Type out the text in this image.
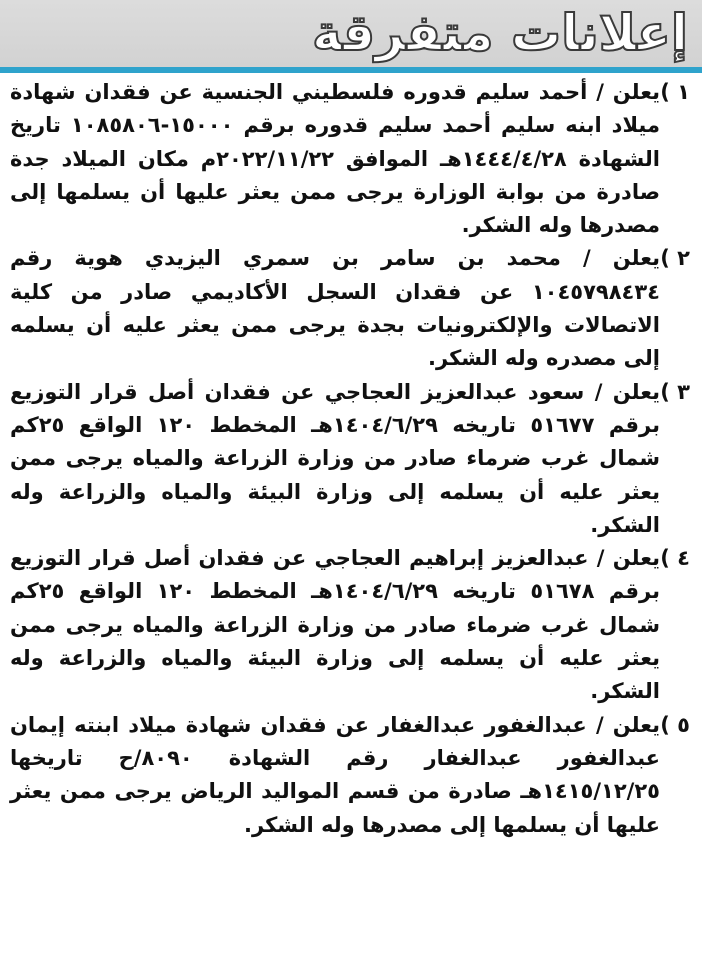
إعلانات متفرقة

١ )يعلن / أحمد سليم قدوره فلسطيني الجنسية عن فقدان شهادة ميلاد ابنه سليم أحمد سليم قدوره برقم ١٥٠٠٠-١٠٨٥٨٠٦ تاريخ الشهادة ١٤٤٤/٤/٢٨هـ الموافق ٢٠٢٢/١١/٢٢م مكان الميلاد جدة صادرة من بوابة الوزارة يرجى ممن يعثر عليها أن يسلمها إلى مصدرها وله الشكر.

٢ )يعلن / محمد بن سامر بن سمري اليزيدي هوية رقم ١٠٤٥٧٩٨٤٣٤ عن فقدان السجل الأكاديمي صادر من كلية الاتصالات والإلكترونيات بجدة يرجى ممن يعثر عليه أن يسلمه إلى مصدره وله الشكر.

٣ )يعلن / سعود عبدالعزيز العجاجي عن فقدان أصل قرار التوزيع برقم ٥١٦٧٧ تاريخه ١٤٠٤/٦/٢٩هـ المخطط ١٢٠ الواقع ٢٥كم شمال غرب ضرماء صادر من وزارة الزراعة والمياه يرجى ممن يعثر عليه أن يسلمه إلى وزارة البيئة والمياه والزراعة وله الشكر.

٤ )يعلن / عبدالعزيز إبراهيم العجاجي عن فقدان أصل قرار التوزيع برقم ٥١٦٧٨ تاريخه ١٤٠٤/٦/٢٩هـ المخطط ١٢٠ الواقع ٢٥كم شمال غرب ضرماء صادر من وزارة الزراعة والمياه يرجى ممن يعثر عليه أن يسلمه إلى وزارة البيئة والمياه والزراعة وله الشكر.

٥ )يعلن / عبدالغفور عبدالغفار عن فقدان شهادة ميلاد ابنته إيمان عبدالغفور عبدالغفار رقم الشهادة ٨٠٩٠/ح تاريخها ١٤١٥/١٢/٢٥هـ صادرة من قسم المواليد الرياض يرجى ممن يعثر عليها أن يسلمها إلى مصدرها وله الشكر.
